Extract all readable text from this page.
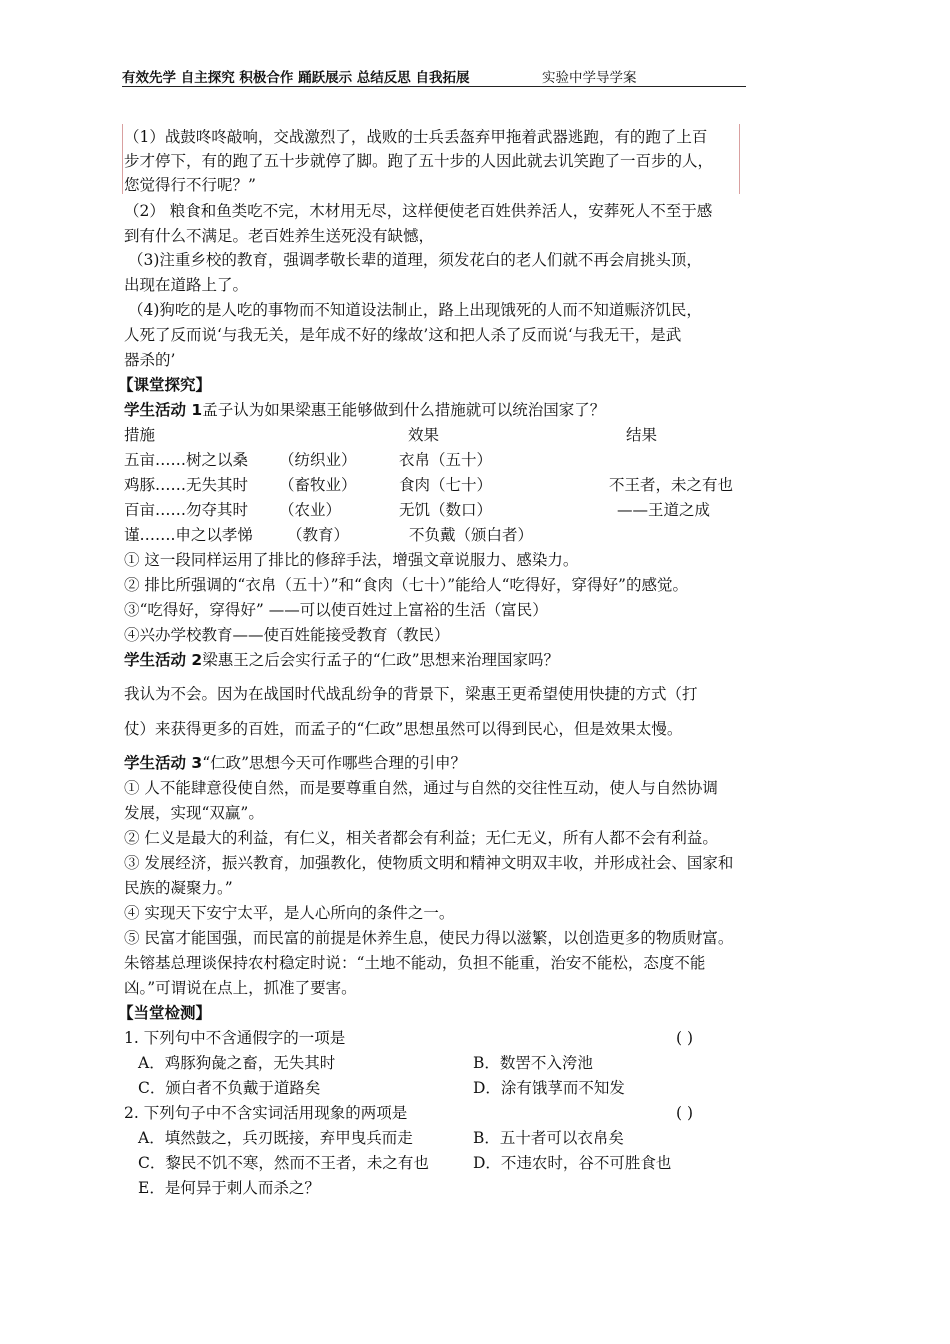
有效先学 自主探究 积极合作 踊跃展示 总结反思 自我拓展	实验中学导学案
（1）战鼓咚咚敲响，交战激烈了，战败的士兵丢盔弃甲拖着武器逃跑，有的跑了上百
步才停下，有的跑了五十步就停了脚。跑了五十步的人因此就去讥笑跑了一百步的人，
您觉得行不行呢？”
（2） 粮食和鱼类吃不完，木材用无尽，这样便使老百姓供养活人，安葬死人不至于感
到有什么不满足。老百姓养生送死没有缺憾，
（3)注重乡校的教育，强调孝敬长辈的道理，须发花白的老人们就不再会肩挑头顶，
出现在道路上了。
（4)狗吃的是人吃的事物而不知道设法制止，路上出现饿死的人而不知道赈济饥民，
人死了反而说‘与我无关，是年成不好的缘故’这和把人杀了反而说‘与我无干，是武
器杀的’
【课堂探究】
学生活动 1孟子认为如果梁惠王能够做到什么措施就可以统治国家了？
措施	效果	结果
五亩……树之以桑 （纺织业）	衣帛（五十）
鸡豚……无失其时 （畜牧业）	食肉（七十）	不王者，未之有也
百亩……勿夺其时 （农业）	无饥（数口）	——王道之成
谨…….申之以孝悌 （教育）	不负戴（颁白者）
① 这一段同样运用了排比的修辞手法，增强文章说服力、感染力。
② 排比所强调的“衣帛（五十）”和“食肉（七十）”能给人“吃得好，穿得好”的感觉。
③“吃得好，穿得好” ——可以使百姓过上富裕的生活（富民）
④兴办学校教育——使百姓能接受教育（教民）
学生活动 2梁惠王之后会实行孟子的“仁政”思想来治理国家吗？
我认为不会。因为在战国时代战乱纷争的背景下，梁惠王更希望使用快捷的方式（打
仗）来获得更多的百姓，而孟子的“仁政”思想虽然可以得到民心，但是效果太慢。
学生活动 3“仁政”思想今天可作哪些合理的引申？
① 人不能肆意役使自然，而是要尊重自然，通过与自然的交往性互动，使人与自然协调
发展，实现“双赢”。
② 仁义是最大的利益，有仁义，相关者都会有利益；无仁无义，所有人都不会有利益。
③ 发展经济，振兴教育，加强教化，使物质文明和精神文明双丰收，并形成社会、国家和
民族的凝聚力。”
④ 实现天下安宁太平，是人心所向的条件之一。
⑤ 民富才能国强，而民富的前提是休养生息，使民力得以滋繁，以创造更多的物质财富。
朱镕基总理谈保持农村稳定时说：“土地不能动，负担不能重，治安不能松，态度不能
凶。”可谓说在点上，抓准了要害。
【当堂检测】
1. 下列句中不含通假字的一项是	( )
A．鸡豚狗彘之畜，无失其时	B．数罟不入洿池
C．颁白者不负戴于道路矣	D．涂有饿莩而不知发
2. 下列句子中不含实词活用现象的两项是	( )
A．填然鼓之，兵刃既接，弃甲曳兵而走	B．五十者可以衣帛矣
C．黎民不饥不寒，然而不王者，未之有也	D．不违农时，谷不可胜食也
E．是何异于刺人而杀之？
